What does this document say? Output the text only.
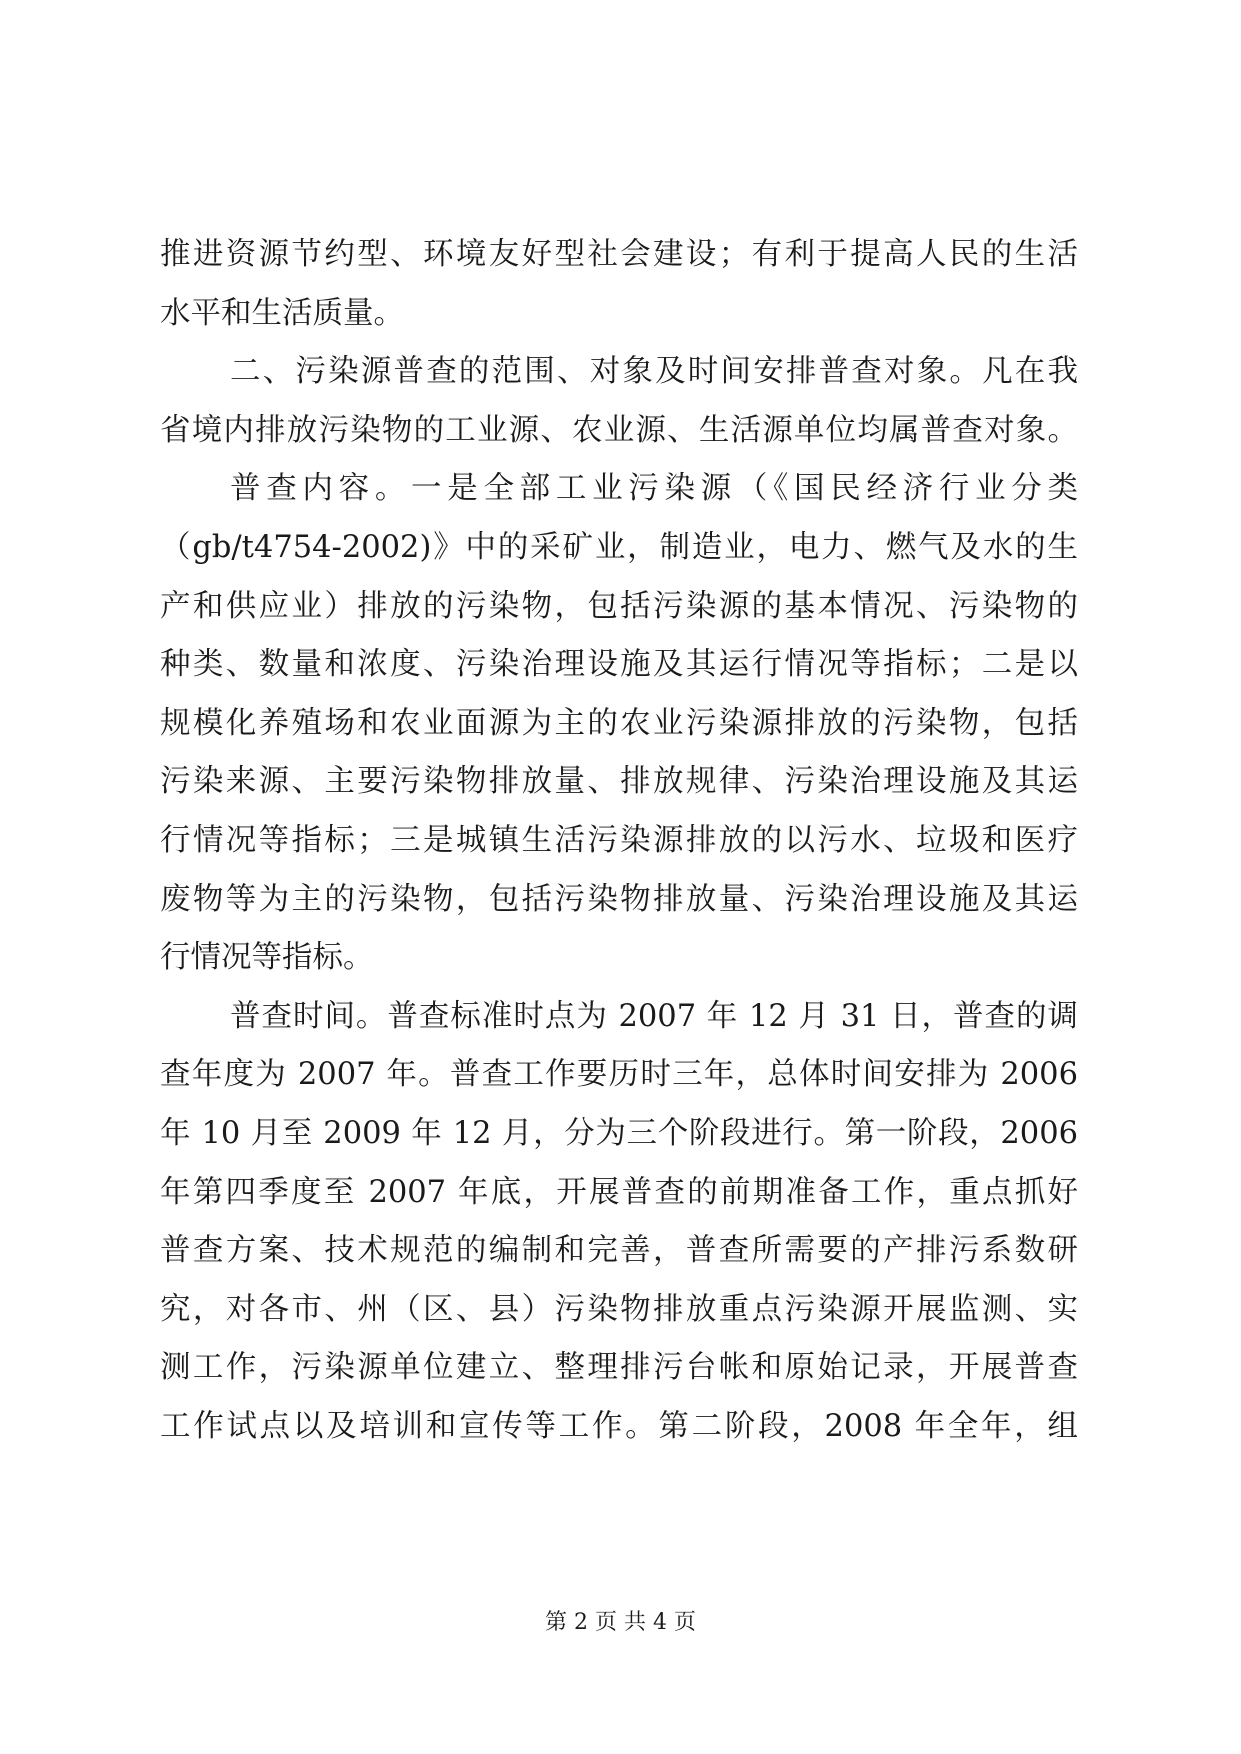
推进资源节约型、环境友好型社会建设；有利于提高人民的生活
水平和生活质量。
二、污染源普查的范围、对象及时间安排普查对象。凡在我
省境内排放污染物的工业源、农业源、生活源单位均属普查对象。
普查内容。一是全部工业污染源（《国民经济行业分类
（gb/t4754-2002)》中的采矿业，制造业，电力、燃气及水的生
产和供应业）排放的污染物，包括污染源的基本情况、污染物的
种类、数量和浓度、污染治理设施及其运行情况等指标；二是以
规模化养殖场和农业面源为主的农业污染源排放的污染物，包括
污染来源、主要污染物排放量、排放规律、污染治理设施及其运
行情况等指标；三是城镇生活污染源排放的以污水、垃圾和医疗
废物等为主的污染物，包括污染物排放量、污染治理设施及其运
行情况等指标。
普查时间。普查标准时点为 2007 年 12 月 31 日，普查的调
查年度为 2007 年。普查工作要历时三年，总体时间安排为 2006
年 10 月至 2009 年 12 月，分为三个阶段进行。第一阶段，2006
年第四季度至 2007 年底，开展普查的前期准备工作，重点抓好
普查方案、技术规范的编制和完善，普查所需要的产排污系数研
究，对各市、州（区、县）污染物排放重点污染源开展监测、实
测工作，污染源单位建立、整理排污台帐和原始记录，开展普查
工作试点以及培训和宣传等工作。第二阶段，2008 年全年，组
第 2 页 共 4 页
